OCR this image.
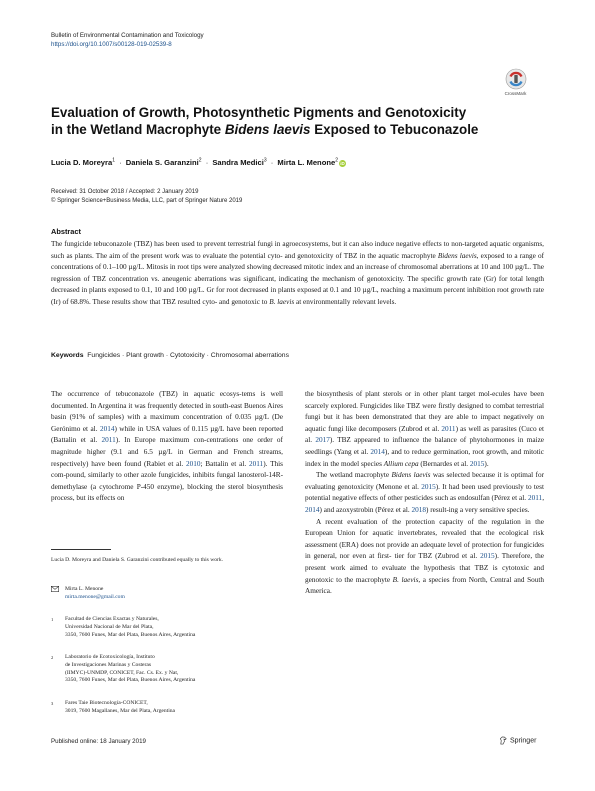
Bulletin of Environmental Contamination and Toxicology
https://doi.org/10.1007/s00128-019-02539-8
CrossMark
Evaluation of Growth, Photosynthetic Pigments and Genotoxicity
in the Wetland Macrophyte Bidens laevis Exposed to Tebuconazole
Lucia D. Moreyra$^1$ · Daniela S. Garanzini$^2$ · Sandra Medici$^3$ · Mirta L. Menone$^2$iD
Received: 31 October 2018 / Accepted: 2 January 2019
© Springer Science+Business Media, LLC, part of Springer Nature 2019
Abstract
The fungicide tebuconazole (TBZ) has been used to prevent terrestrial fungi in agroecosystems, but it can also induce negative effects to non-targeted aquatic organisms, such as plants. The aim of the present work was to evaluate the potential cyto- and genotoxicity of TBZ in the aquatic macrophyte Bidens laevis, exposed to a range of concentrations of 0.1–100 µg/L. Mitosis in root tips were analyzed showing decreased mitotic index and an increase of chromosomal aberrations at 10 and 100 µg/L. The regression of TBZ concentration vs. aneugenic aberrations was significant, indicating the mechanism of genotoxicity. The specific growth rate (Gr) for total length decreased in plants exposed to 0.1, 10 and 100 µg/L. Gr for root decreased in plants exposed at 0.1 and 10 µg/L, reaching a maximum percent inhibition root growth rate (Ir) of 68.8%. These results show that TBZ resulted cyto- and genotoxic to B. laevis at environmentally relevant levels.
Keywords Fungicides · Plant growth · Cytotoxicity · Chromosomal aberrations

The occurrence of tebuconazole (TBZ) in aquatic ecosys-tems is well documented. In Argentina it was frequently detected in south-east Buenos Aires basin (91% of samples) with a maximum concentration of 0.035 µg/L (De Gerónimo et al. 2014) while in USA values of 0.115 µg/L have been reported (Battalin et al. 2011). In Europe maximum con-centrations one order of magnitude higher (9.1 and 6.5 µg/L in German and French streams, respectively) have been found (Rabiet et al. 2010; Battalin et al. 2011). This com-pound, similarly to other azole fungicides, inhibits fungal lanosterol-14R-demethylase (a cytochrome P-450 enzyme), blocking the sterol biosynthesis process, but its effects on

the biosynthesis of plant sterols or in other plant target mol-ecules have been scarcely explored. Fungicides like TBZ were firstly designed to combat terrestrial fungi but it has been demonstrated that they are able to impact negatively on aquatic fungi like decomposers (Zubrod et al. 2011) as well as parasites (Cuco et al. 2017). TBZ appeared to influence the balance of phytohormones in maize seedlings (Yang et al. 2014), and to reduce germination, root growth, and mitotic index in the model species Allium cepa (Bernardes et al. 2015).

The wetland macrophyte Bidens laevis was selected because it is optimal for evaluating genotoxicity (Menone et al. 2015). It had been used previously to test potential negative effects of other pesticides such as endosulfan (Pérez et al. 2011, 2014) and azoxystrobin (Pérez et al. 2018) result-ing a very sensitive species.

A recent evaluation of the protection capacity of the regulation in the European Union for aquatic invertebrates, revealed that the ecological risk assessment (ERA) does not provide an adequate level of protection for fungicides in general, nor even at first- tier for TBZ (Zubrod et al. 2015). Therefore, the present work aimed to evaluate the hypothesis that TBZ is cytotoxic and genotoxic to the macrophyte B. laevis, a species from North, Central and South America.

Lucia D. Moreyra and Daniela S. Garanzini contributed equally to this work.
Mirta L. Menone
mirta.menone@gmail.com
1 Facultad de Ciencias Exactas y Naturales,
Universidad Nacional de Mar del Plata,
3350, 7600 Funes, Mar del Plata, Buenos Aires, Argentina
2 Laboratorio de Ecotoxicología, Instituto
de Investigaciones Marinas y Costeras
(IIMYC)-UNMDP, CONICET, Fac. Cs. Ex. y Nat,
3350, 7600 Funes, Mar del Plata, Buenos Aires, Argentina
3 Fares Taie Biotecnología-CONICET,
3019, 7600 Magallanes, Mar del Plata, Argentina
Published online: 18 January 2019	Springer
